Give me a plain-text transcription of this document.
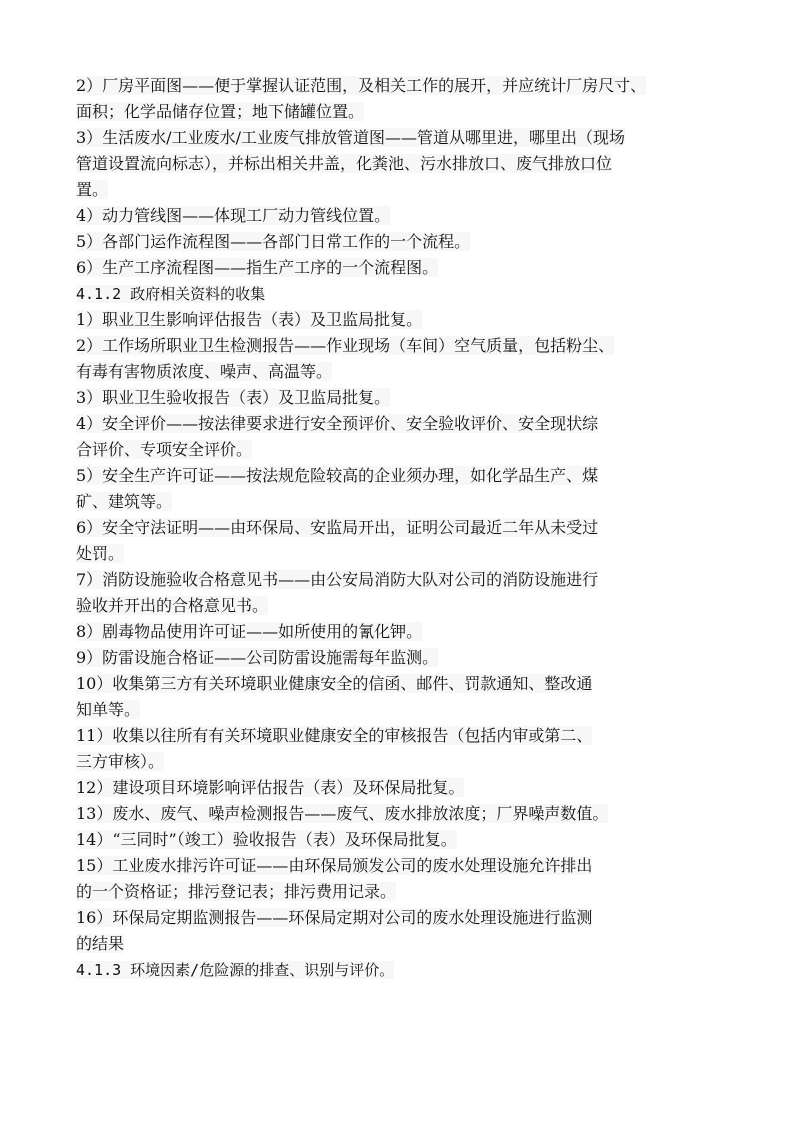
2）厂房平面图——便于掌握认证范围，及相关工作的展开，并应统计厂房尺寸、
面积；化学品储存位置；地下储罐位置。
3）生活废水/工业废水/工业废气排放管道图——管道从哪里进，哪里出（现场
管道设置流向标志），并标出相关井盖，化粪池、污水排放口、废气排放口位
置。
4）动力管线图——体现工厂动力管线位置。
5）各部门运作流程图——各部门日常工作的一个流程。
6）生产工序流程图——指生产工序的一个流程图。
4.1.2 政府相关资料的收集
1）职业卫生影响评估报告（表）及卫监局批复。
2）工作场所职业卫生检测报告——作业现场（车间）空气质量，包括粉尘、
有毒有害物质浓度、噪声、高温等。
3）职业卫生验收报告（表）及卫监局批复。
4）安全评价——按法律要求进行安全预评价、安全验收评价、安全现状综
合评价、专项安全评价。
5）安全生产许可证——按法规危险较高的企业须办理，如化学品生产、煤
矿、建筑等。
6）安全守法证明——由环保局、安监局开出，证明公司最近二年从未受过
处罚。
7）消防设施验收合格意见书——由公安局消防大队对公司的消防设施进行
验收并开出的合格意见书。
8）剧毒物品使用许可证——如所使用的氰化钾。
9）防雷设施合格证——公司防雷设施需每年监测。
10）收集第三方有关环境职业健康安全的信函、邮件、罚款通知、整改通
知单等。
11）收集以往所有有关环境职业健康安全的审核报告（包括内审或第二、
三方审核）。
12）建设项目环境影响评估报告（表）及环保局批复。
13）废水、废气、噪声检测报告——废气、废水排放浓度；厂界噪声数值。
14）“三同时”（竣工）验收报告（表）及环保局批复。
15）工业废水排污许可证——由环保局颁发公司的废水处理设施允许排出
的一个资格证；排污登记表；排污费用记录。
16）环保局定期监测报告——环保局定期对公司的废水处理设施进行监测
的结果
4.1.3 环境因素/危险源的排查、识别与评价。
